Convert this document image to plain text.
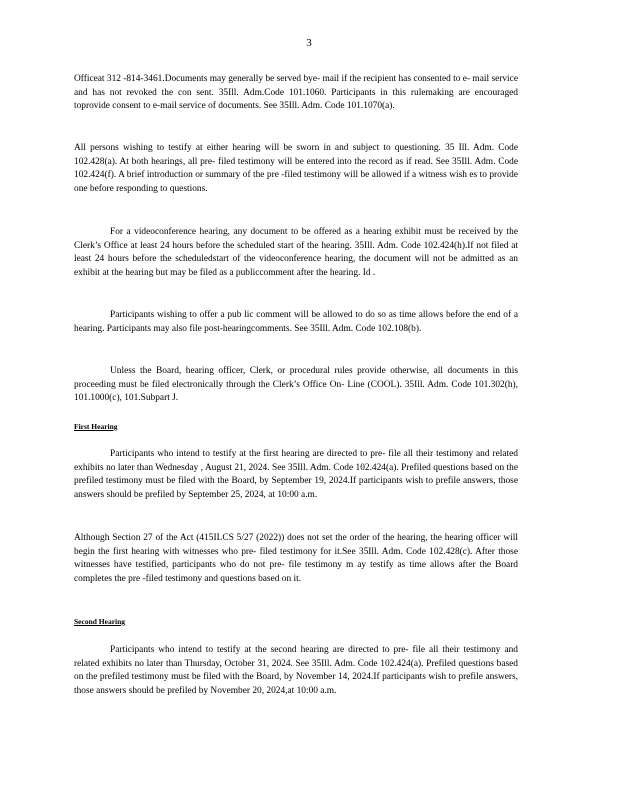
3

Officeat 312 -814-3461.Documents may generally be served bye- mail if the recipient has consented to e- mail service and has not revoked the con sent. 35Ill. Adm.Code 101.1060. Participants in this rulemaking are encouraged toprovide consent to e-mail service of documents. See 35Ill. Adm. Code 101.1070(a).

All persons wishing to testify at either hearing will be sworn in and subject to questioning. 35 Ill. Adm. Code 102.428(a). At both hearings, all pre- filed testimony will be entered into the record as if read. See 35Ill. Adm. Code 102.424(f). A brief introduction or summary of the pre -filed testimony will be allowed if a witness wish es to provide one before responding to questions.

For a videoconference hearing, any document to be offered as a hearing exhibit must be received by the Clerk’s Office at least 24 hours before the scheduled start of the hearing. 35Ill. Adm. Code 102.424(h).If not filed at least 24 hours before the scheduledstart of the videoconference hearing, the document will not be admitted as an exhibit at the hearing but may be filed as a publiccomment after the hearing. Id .

Participants wishing to offer a pub lic comment will be allowed to do so as time allows before the end of a hearing. Participants may also file post-hearingcomments. See 35Ill. Adm. Code 102.108(b).

Unless the Board, hearing officer, Clerk, or procedural rules provide otherwise, all documents in this proceeding must be filed electronically through the Clerk’s Office On- Line (COOL). 35Ill. Adm. Code 101.302(h), 101.1000(c), 101.Subpart J.

First Hearing

Participants who intend to testify at the first hearing are directed to pre- file all their testimony and related exhibits no later than Wednesday , August 21, 2024. See 35Ill. Adm. Code 102.424(a). Prefiled questions based on the prefiled testimony must be filed with the Board, by September 19, 2024.If participants wish to prefile answers, those answers should be prefiled by September 25, 2024, at 10:00 a.m.

Although Section 27 of the Act (415ILCS 5/27 (2022)) does not set the order of the hearing, the hearing officer will begin the first hearing with witnesses who pre- filed testimony for it.See 35Ill. Adm. Code 102.428(c). After those witnesses have testified, participants who do not pre- file testimony m ay testify as time allows after the Board completes the pre -filed testimony and questions based on it.

Second Hearing

Participants who intend to testify at the second hearing are directed to pre- file all their testimony and related exhibits no later than Thursday, October 31, 2024. See 35Ill. Adm. Code 102.424(a). Prefiled questions based on the prefiled testimony must be filed with the Board, by November 14, 2024.If participants wish to prefile answers, those answers should be prefiled by November 20, 2024,at 10:00 a.m.
